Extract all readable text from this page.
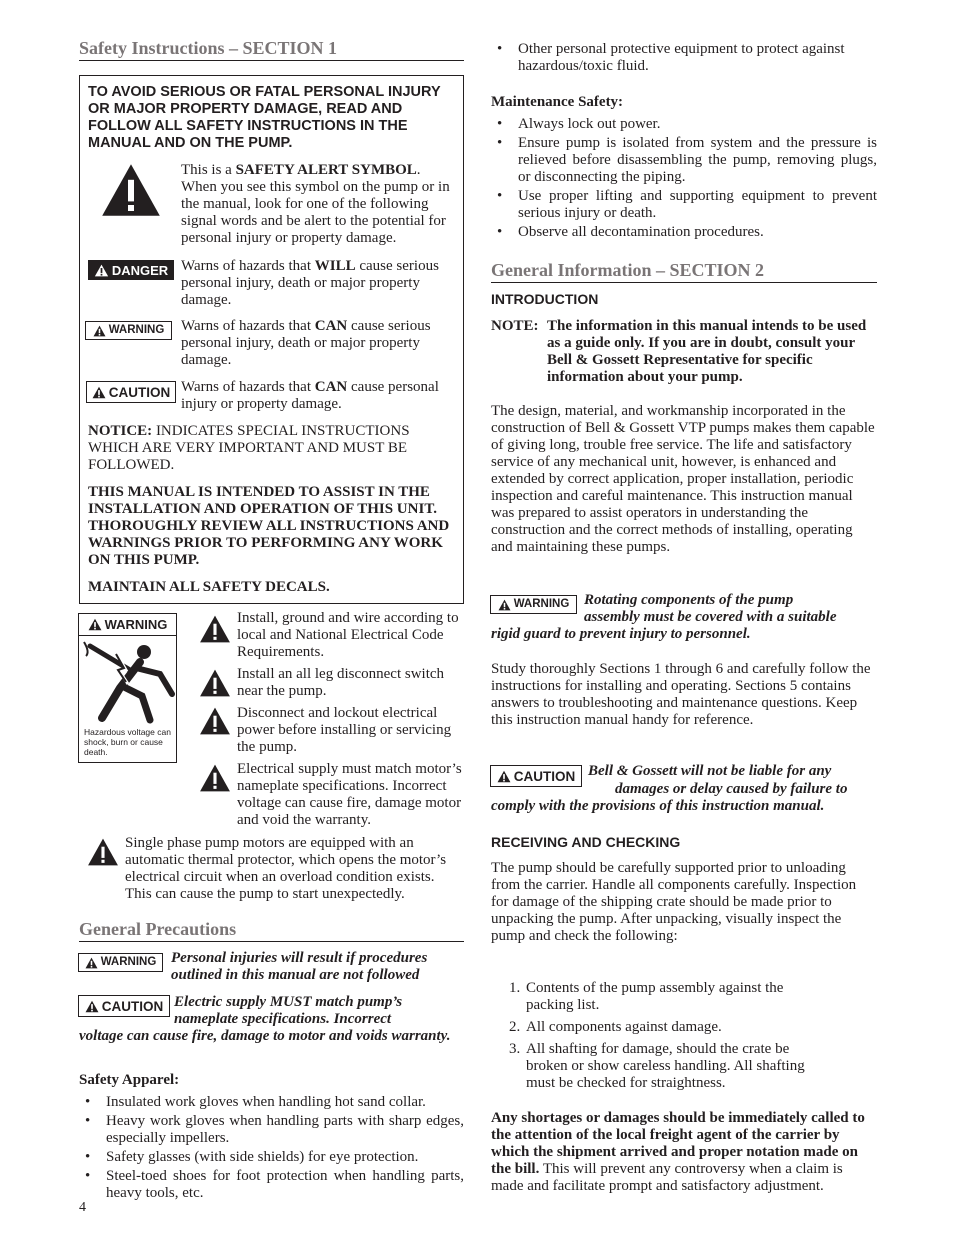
Safety Instructions – SECTION 1
TO AVOID SERIOUS OR FATAL PERSONAL INJURY OR MAJOR PROPERTY DAMAGE, READ AND FOLLOW ALL SAFETY INSTRUCTIONS IN THE MANUAL AND ON THE PUMP.
This is a SAFETY ALERT SYMBOL. When you see this symbol on the pump or in the manual, look for one of the following signal words and be alert to the potential for personal injury or property damage.
DANGER Warns of hazards that WILL cause serious personal injury, death or major property damage.
WARNING Warns of hazards that CAN cause serious personal injury, death or major property damage.
CAUTION Warns of hazards that CAN cause personal injury or property damage.
NOTICE: INDICATES SPECIAL INSTRUCTIONS WHICH ARE VERY IMPORTANT AND MUST BE FOLLOWED.
THIS MANUAL IS INTENDED TO ASSIST IN THE INSTALLATION AND OPERATION OF THIS UNIT. THOROUGHLY REVIEW ALL INSTRUCTIONS AND WARNINGS PRIOR TO PERFORMING ANY WORK ON THIS PUMP.
MAINTAIN ALL SAFETY DECALS.
WARNING
Hazardous voltage can shock, burn or cause death.
Install, ground and wire according to local and National Electrical Code Requirements.
Install an all leg disconnect switch near the pump.
Disconnect and lockout electrical power before installing or servicing the pump.
Electrical supply must match motor’s nameplate specifications. Incorrect voltage can cause fire, damage motor and void the warranty.
Single phase pump motors are equipped with an automatic thermal protector, which opens the motor’s electrical circuit when an overload condition exists. This can cause the pump to start unexpectedly.
General Precautions
WARNING Personal injuries will result if procedures outlined in this manual are not followed
CAUTION Electric supply MUST match pump’s nameplate specifications. Incorrect
voltage can cause fire, damage to motor and voids warranty.
Safety Apparel:
• Insulated work gloves when handling hot sand collar.
• Heavy work gloves when handling parts with sharp edges, especially impellers.
• Safety glasses (with side shields) for eye protection.
• Steel-toed shoes for foot protection when handling parts, heavy tools, etc.
4
• Other personal protective equipment to protect against hazardous/toxic fluid.
Maintenance Safety:
• Always lock out power.
• Ensure pump is isolated from system and the pressure is relieved before disassembling the pump, removing plugs, or disconnecting the piping.
• Use proper lifting and supporting equipment to prevent serious injury or death.
• Observe all decontamination procedures.
General Information – SECTION 2
INTRODUCTION
NOTE: The information in this manual intends to be used as a guide only. If you are in doubt, consult your Bell & Gossett Representative for specific information about your pump.
The design, material, and workmanship incorporated in the construction of Bell & Gossett VTP pumps makes them capable of giving long, trouble free service. The life and satisfactory service of any mechanical unit, however, is enhanced and extended by correct application, proper installation, periodic inspection and careful maintenance. This instruction manual was prepared to assist operators in understanding the construction and the correct methods of installing, operating and maintaining these pumps.
WARNING Rotating components of the pump
assembly must be covered with a suitable
rigid guard to prevent injury to personnel.
Study thoroughly Sections 1 through 6 and carefully follow the instructions for installing and operating. Sections 5 contains answers to troubleshooting and maintenance questions. Keep this instruction manual handy for reference.
CAUTION Bell & Gossett will not be liable for any
damages or delay caused by failure to
comply with the provisions of this instruction manual.
RECEIVING AND CHECKING
The pump should be carefully supported prior to unloading from the carrier. Handle all components carefully. Inspection for damage of the shipping crate should be made prior to unpacking the pump. After unpacking, visually inspect the pump and check the following:
1. Contents of the pump assembly against the packing list.
2. All components against damage.
3. All shafting for damage, should the crate be broken or show careless handling. All shafting must be checked for straightness.
Any shortages or damages should be immediately called to the attention of the local freight agent of the carrier by which the shipment arrived and proper notation made on the bill. This will prevent any controversy when a claim is made and facilitate prompt and satisfactory adjustment.
